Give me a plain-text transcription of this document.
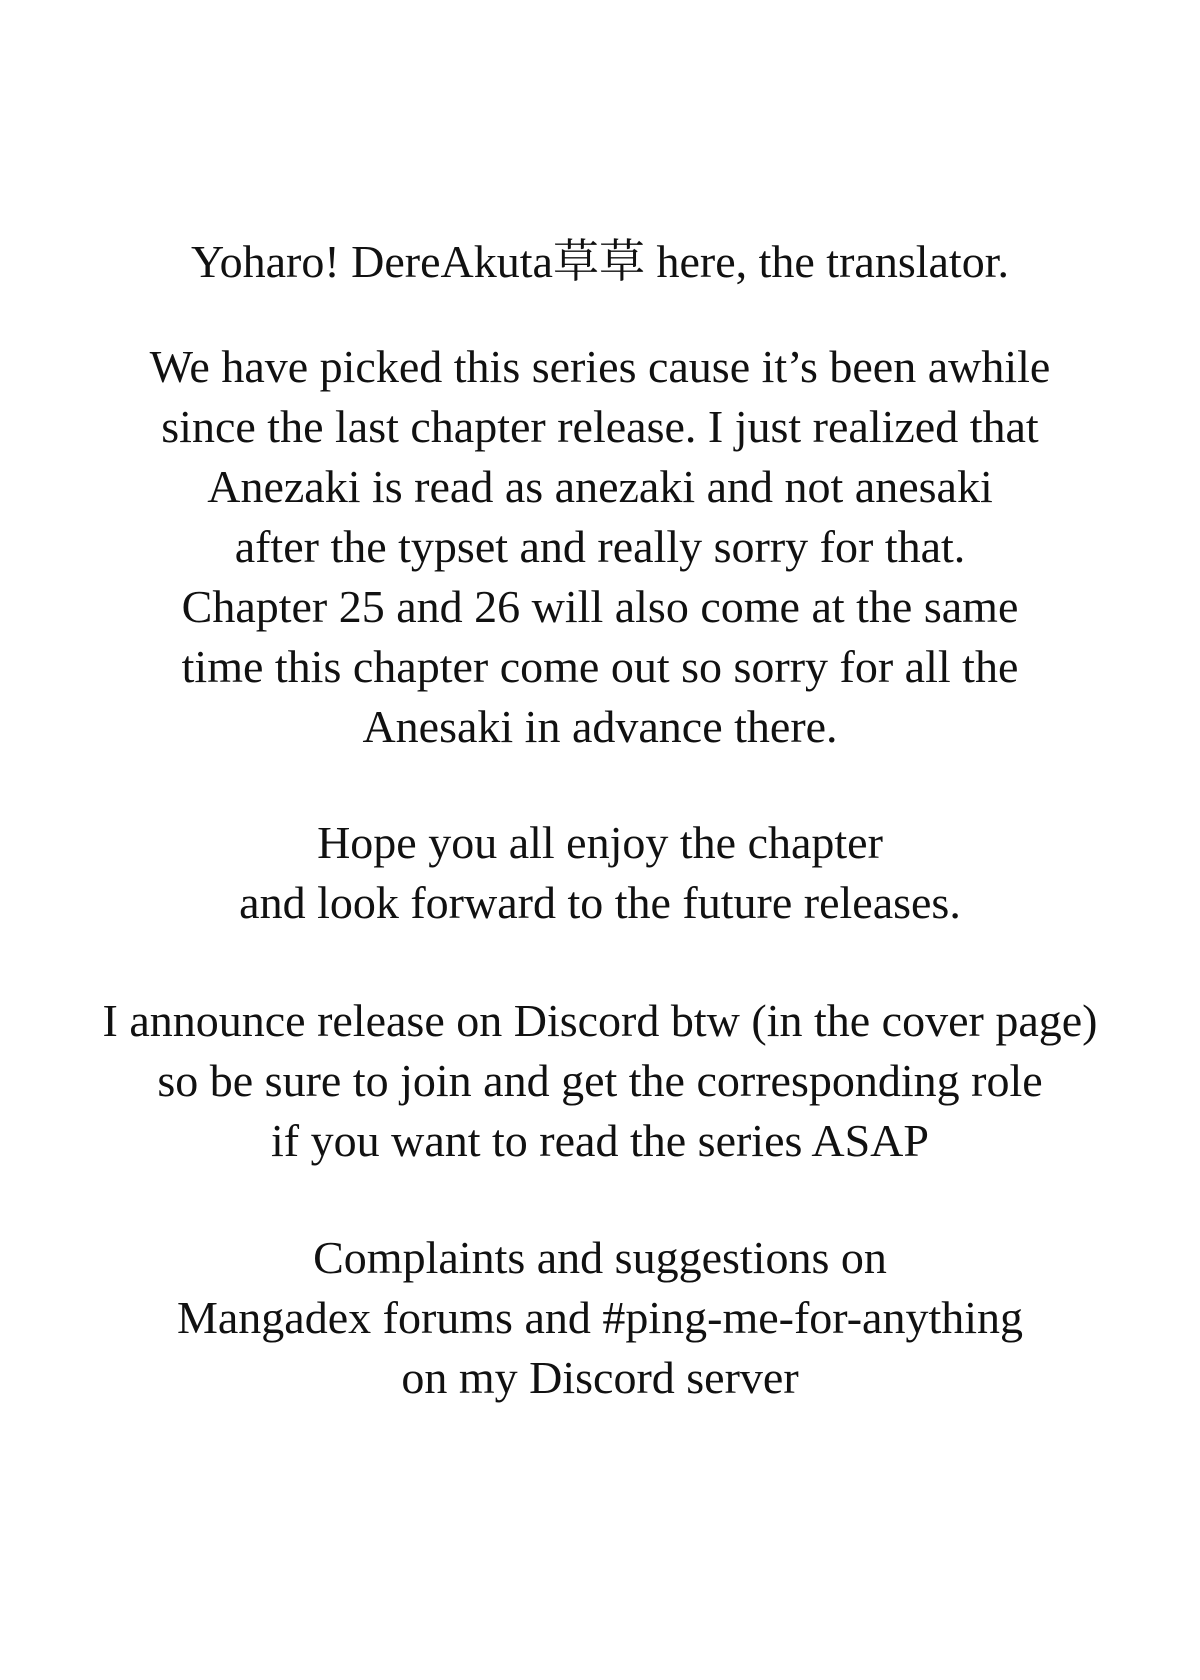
Yoharo! DereAkuta草草 here, the translator.
We have picked this series cause it’s been awhile
since the last chapter release. I just realized that
Anezaki is read as anezaki and not anesaki
after the typset and really sorry for that.
Chapter 25 and 26 will also come at the same
time this chapter come out so sorry for all the
Anesaki in advance there.
Hope you all enjoy the chapter
and look forward to the future releases.
I announce release on Discord btw (in the cover page)
so be sure to join and get the corresponding role
if you want to read the series ASAP
Complaints and suggestions on
Mangadex forums and #ping-me-for-anything
on my Discord server
